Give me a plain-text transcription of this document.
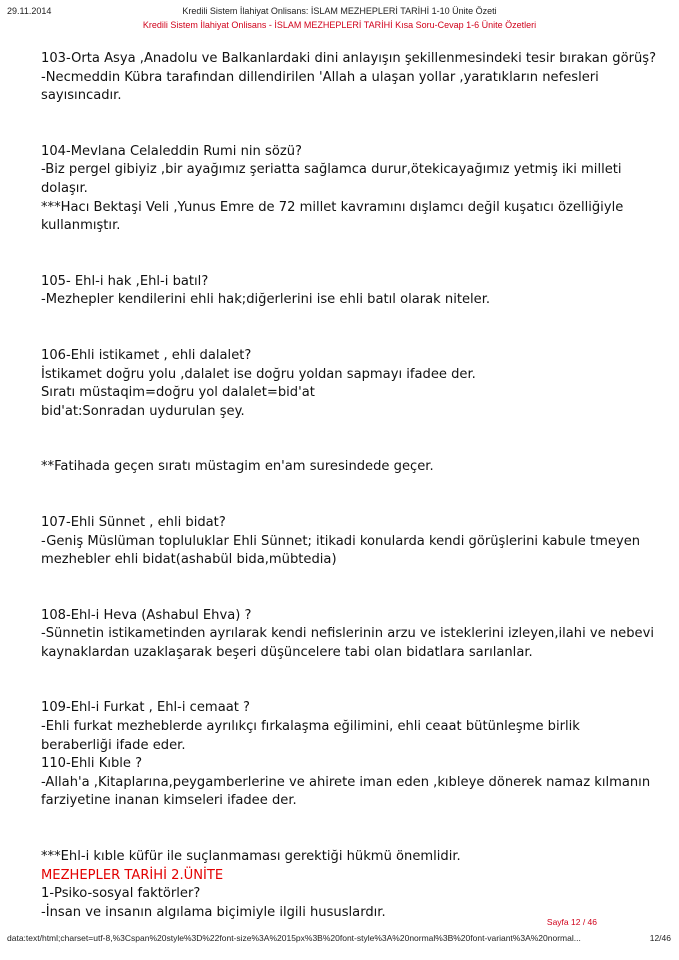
29.11.2014	Kredili Sistem İlahiyat Onlisans: İSLAM MEZHEPLERİ TARİHİ 1-10 Ünite Özeti
Kredili Sistem İlahiyat Onlisans - İSLAM MEZHEPLERİ TARİHİ Kısa Soru-Cevap 1-6 Ünite Özetleri
103-Orta Asya ,Anadolu ve Balkanlardaki dini anlayışın şekillenmesindeki tesir bırakan görüş?
-Necmeddin Kübra tarafından dillendirilen 'Allah a ulaşan yollar ,yaratıkların nefesleri
sayısıncadır.
104-Mevlana Celaleddin Rumi nin sözü?
-Biz pergel gibiyiz ,bir ayağımız şeriatta sağlamca durur,ötekicayağımız yetmiş iki milleti
dolaşır.
***Hacı Bektaşi Veli ,Yunus Emre de 72 millet kavramını dışlamcı değil kuşatıcı özelliğiyle
kullanmıştır.
105- Ehl-i hak ,Ehl-i batıl?
-Mezhepler kendilerini ehli hak;diğerlerini ise ehli batıl olarak niteler.
106-Ehli istikamet , ehli dalalet?
İstikamet doğru yolu ,dalalet ise doğru yoldan sapmayı ifadee der.
Sıratı müstaqim=doğru yol dalalet=bid'at
bid'at:Sonradan uydurulan şey.
**Fatihada geçen sıratı müstagim en'am suresindede geçer.
107-Ehli Sünnet , ehli bidat?
-Geniş Müslüman topluluklar Ehli Sünnet; itikadi konularda kendi görüşlerini kabule tmeyen
mezhebler ehli bidat(ashabül bida,mübtedia)
108-Ehl-i Heva (Ashabul Ehva) ?
-Sünnetin istikametinden ayrılarak kendi nefislerinin arzu ve isteklerini izleyen,ilahi ve nebevi
kaynaklardan uzaklaşarak beşeri düşüncelere tabi olan bidatlara sarılanlar.
109-Ehl-i Furkat , Ehl-i cemaat ?
-Ehli furkat mezheblerde ayrılıkçı fırkalaşma eğilimini, ehli ceaat bütünleşme birlik
beraberliği ifade eder.
110-Ehli Kıble ?
-Allah'a ,Kitaplarına,peygamberlerine ve ahirete iman eden ,kıbleye dönerek namaz kılmanın
farziyetine inanan kimseleri ifadee der.
***Ehl-i kıble küfür ile suçlanmaması gerektiği hükmü önemlidir.
MEZHEPLER TARİHİ 2.ÜNİTE
1-Psiko-sosyal faktörler?
-İnsan ve insanın algılama biçimiyle ilgili hususlardır.
Sayfa 12 / 46
data:text/html;charset=utf-8,%3Cspan%20style%3D%22font-size%3A%2015px%3B%20font-style%3A%20normal%3B%20font-variant%3A%20normal...	12/46
